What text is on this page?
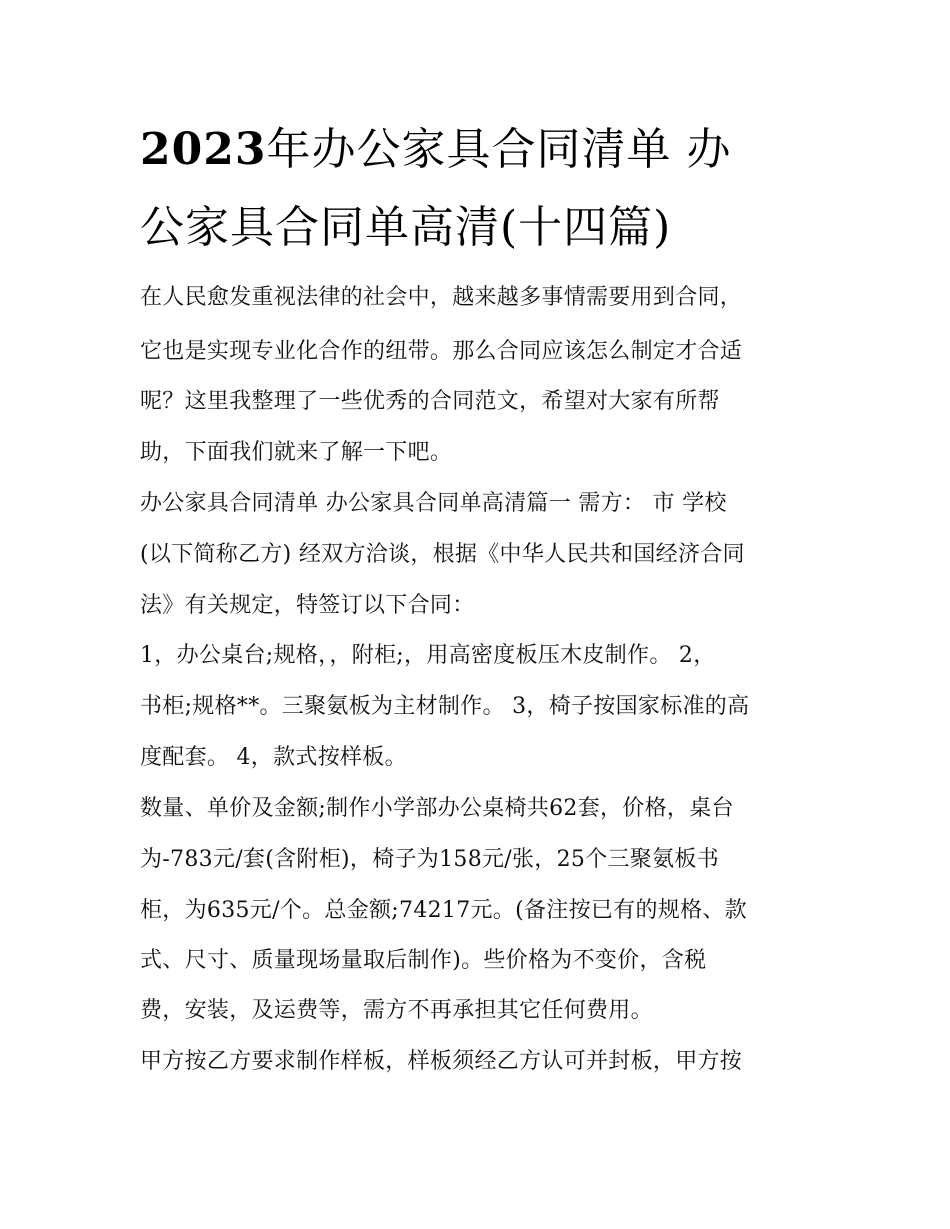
2023年办公家具合同清单 办
公家具合同单高清(十四篇)
在人民愈发重视法律的社会中，越来越多事情需要用到合同，
它也是实现专业化合作的纽带。那么合同应该怎么制定才合适
呢？这里我整理了一些优秀的合同范文，希望对大家有所帮
助，下面我们就来了解一下吧。
办公家具合同清单 办公家具合同单高清篇一 需方： 市 学校
(以下简称乙方) 经双方洽谈，根据《中华人民共和国经济合同
法》有关规定，特签订以下合同：
1，办公桌台;规格，，附柜;，用高密度板压木皮制作。 2，
书柜;规格**。三聚氨板为主材制作。 3，椅子按国家标准的高
度配套。 4，款式按样板。
数量、单价及金额;制作小学部办公桌椅共62套，价格，桌台
为-783元/套(含附柜)，椅子为158元/张，25个三聚氨板书
柜，为635元/个。总金额;74217元。(备注按已有的规格、款
式、尺寸、质量现场量取后制作)。些价格为不变价，含税
费，安装，及运费等，需方不再承担其它任何费用。
甲方按乙方要求制作样板，样板须经乙方认可并封板，甲方按
